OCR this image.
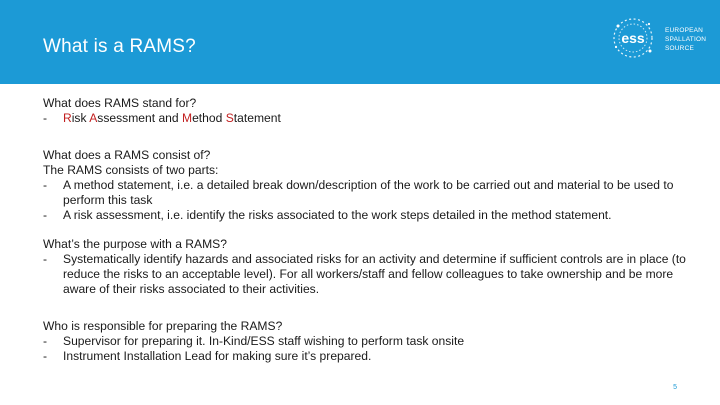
What is a RAMS?	ess	EUROPEAN
SPALLATION
SOURCE

What does RAMS stand for?

- Risk Assessment and Method Statement

What does a RAMS consist of?

The RAMS consists of two parts:

- A method statement, i.e. a detailed break down/description of the work to be carried out and material to be used to perform this task

- A risk assessment, i.e. identify the risks associated to the work steps detailed in the method statement.

What’s the purpose with a RAMS?

- Systematically identify hazards and associated risks for an activity and determine if sufficient controls are in place (to reduce the risks to an acceptable level). For all workers/staff and fellow colleagues to take ownership and be more aware of their risks associated to their activities.

Who is responsible for preparing the RAMS?

- Supervisor for preparing it. In-Kind/ESS staff wishing to perform task onsite

- Instrument Installation Lead for making sure it’s prepared.

5
